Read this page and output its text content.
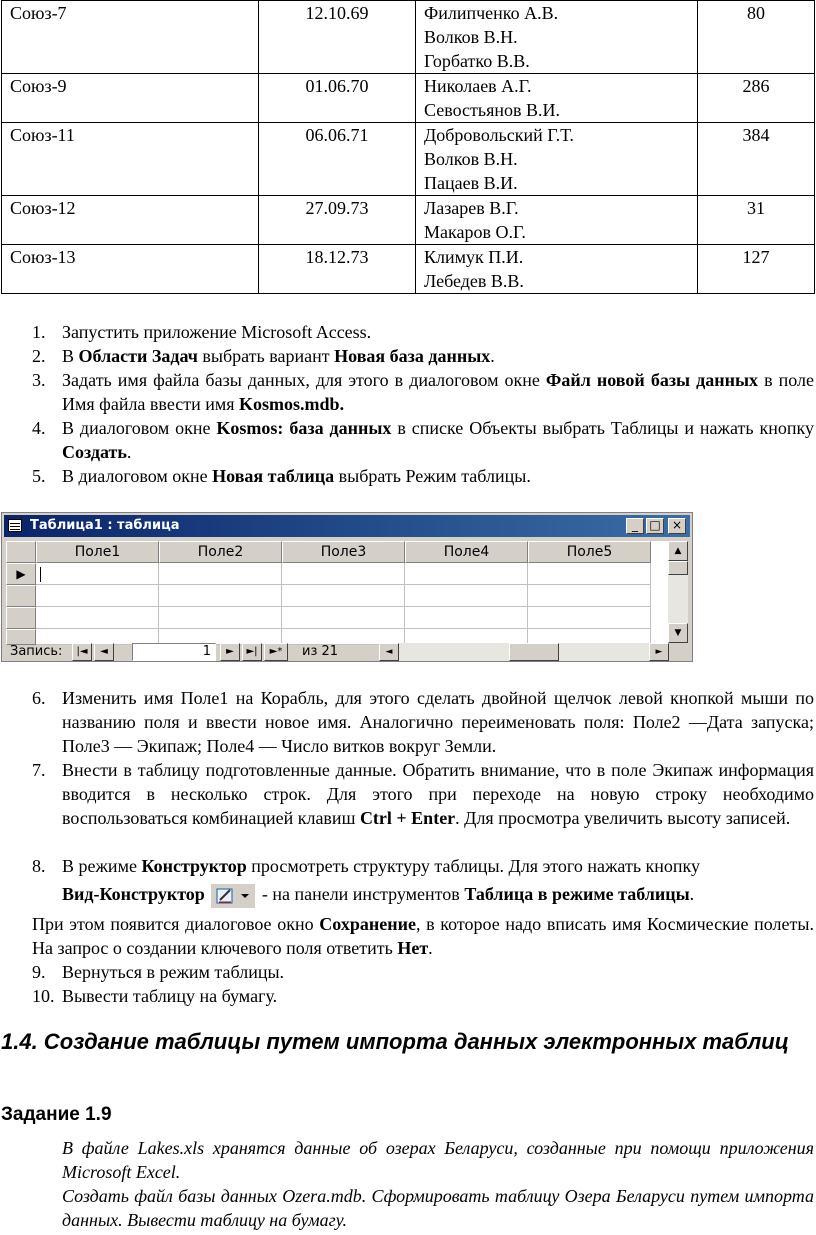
Союз-7	12.10.69	Филипченко А.В.
Волков В.Н.
Горбатко В.В.	80
Союз-9	01.06.70	Николаев А.Г.
Севостьянов В.И.	286
Союз-11	06.06.71	Добровольский Г.Т.
Волков В.Н.
Пацаев В.И.	384
Союз-12	27.09.73	Лазарев В.Г.
Макаров О.Г.	31
Союз-13	18.12.73	Климук П.И.
Лебедев В.В.	127
1. Запустить приложение Microsoft Access.
2. В Области Задач выбрать вариант Новая база данных.
3. Задать имя файла базы данных, для этого в диалоговом окне Файл новой базы данных в поле Имя файла ввести имя Kosmos.mdb.
4. В диалоговом окне Kosmos: база данных в списке Объекты выбрать Таблицы и нажать кнопку Создать.
5. В диалоговом окне Новая таблица выбрать Режим таблицы.
Таблица1 : таблица	_ □ ×
Поле1	Поле2	Поле3	Поле4	Поле5
▶
▲
▼
Запись:	|◄	◄	1	►	►|	►*	из 21	◄	►
6. Изменить имя Поле1 на Корабль, для этого сделать двойной щелчок левой кнопкой мыши по названию поля и ввести новое имя. Аналогично переименовать поля: Поле2 —Дата запуска; Поле3 — Экипаж; Поле4 — Число витков вокруг Земли.
7. Внести в таблицу подготовленные данные. Обратить внимание, что в поле Экипаж информация вводится в несколько строк. Для этого при переходе на новую строку необходимо воспользоваться комбинацией клавиш Ctrl + Enter. Для просмотра увеличить высоту записей.
8. В режиме Конструктор просмотреть структуру таблицы. Для этого нажать кнопку
Вид-Конструктор	- на панели инструментов Таблица в режиме таблицы.
При этом появится диалоговое окно Сохранение, в которое надо вписать имя Космические полеты. На запрос о создании ключевого поля ответить Нет.
9. Вернуться в режим таблицы.
10. Вывести таблицу на бумагу.
1.4. Создание таблицы путем импорта данных электронных таблиц
Задание 1.9
В файле Lakes.xls хранятся данные об озерах Беларуси, созданные при помощи приложения Microsoft Excel.
Создать файл базы данных Ozera.mdb. Сформировать таблицу Озера Беларуси путем импорта данных. Вывести таблицу на бумагу.
